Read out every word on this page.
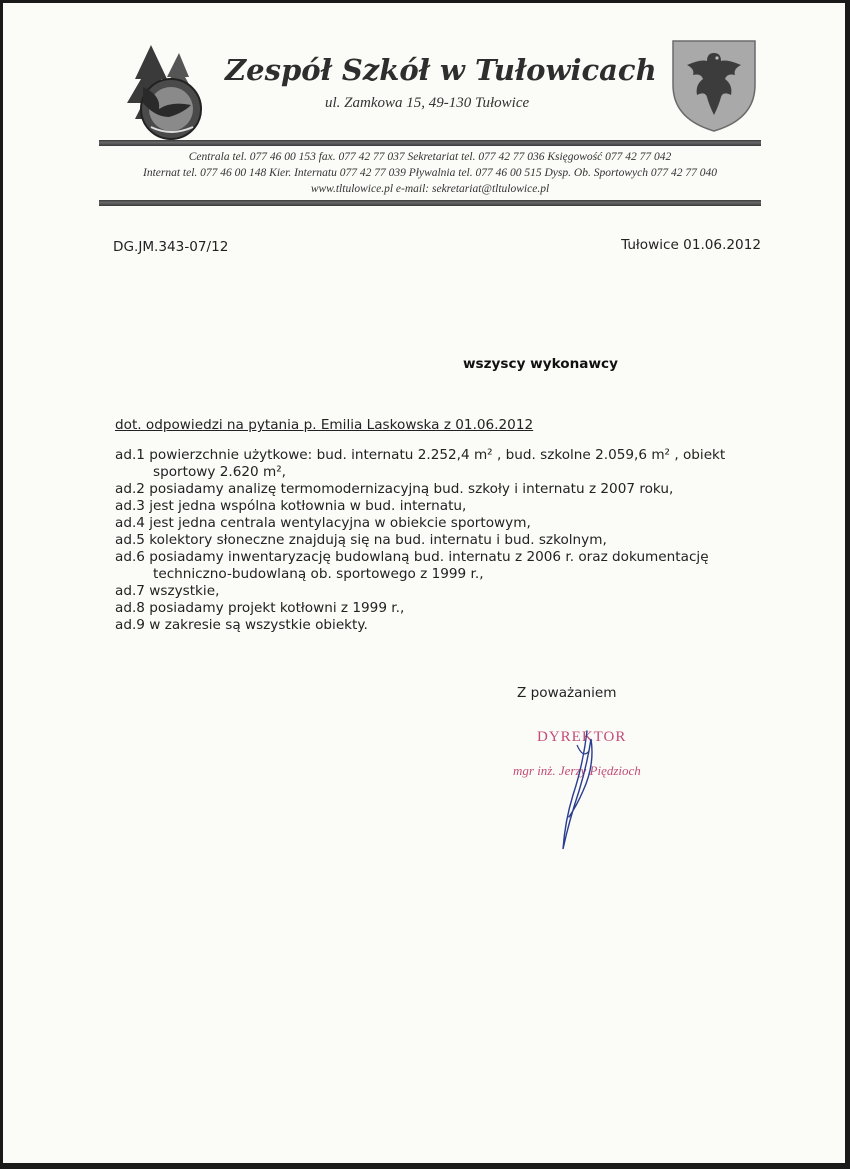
Zespół Szkół w Tułowicach
ul. Zamkowa 15, 49-130 Tułowice
Centrala tel. 077 46 00 153 fax. 077 42 77 037 Sekretariat tel. 077 42 77 036 Księgowość 077 42 77 042
Internat tel. 077 46 00 148 Kier. Internatu 077 42 77 039 Pływalnia tel. 077 46 00 515 Dysp. Ob. Sportowych 077 42 77 040
www.tltulowice.pl e-mail: sekretariat@tltulowice.pl
DG.JM.343-07/12	Tułowice 01.06.2012
wszyscy wykonawcy
dot. odpowiedzi na pytania p. Emilia Laskowska z 01.06.2012
ad.1 powierzchnie użytkowe: bud. internatu 2.252,4 m² , bud. szkolne 2.059,6 m² , obiekt
sportowy 2.620 m²,
ad.2 posiadamy analizę termomodernizacyjną bud. szkoły i internatu z 2007 roku,
ad.3 jest jedna wspólna kotłownia w bud. internatu,
ad.4 jest jedna centrala wentylacyjna w obiekcie sportowym,
ad.5 kolektory słoneczne znajdują się na bud. internatu i bud. szkolnym,
ad.6 posiadamy inwentaryzację budowlaną bud. internatu z 2006 r. oraz dokumentację
techniczno-budowlaną ob. sportowego z 1999 r.,
ad.7 wszystkie,
ad.8 posiadamy projekt kotłowni z 1999 r.,
ad.9 w zakresie są wszystkie obiekty.
Z poważaniem
DYREKTOR
mgr inż. Jerzy Piędzioch
